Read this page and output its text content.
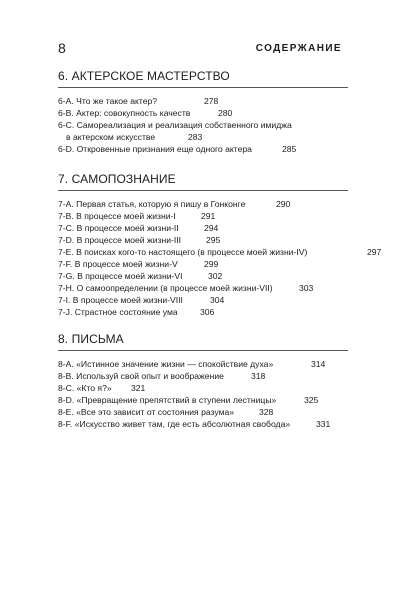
8	СОДЕРЖАНИЕ
6. АКТЕРСКОЕ МАСТЕРСТВО
6-A. Что же такое актер?	278
6-B. Актер: совокупность качеств	280
6-C. Самореализация и реализация собственного имиджа в актерском искусстве	283
6-D. Откровенные признания еще одного актера	285
7. САМОПОЗНАНИЕ
7-A. Первая статья, которую я пишу в Гонконге	290
7-B. В процессе моей жизни-I	291
7-C. В процессе моей жизни-II	294
7-D. В процессе моей жизни-III	295
7-E. В поисках кого-то настоящего (в процессе моей жизни-IV)	297
7-F. В процессе моей жизни-V	299
7-G. В процессе моей жизни-VI	302
7-H. О самоопределении (в процессе моей жизни-VII)	303
7-I. В процессе моей жизни-VIII	304
7-J. Страстное состояние ума	306
8. ПИСЬМА
8-A. «Истинное значение жизни — спокойствие духа»	314
8-B. Используй свой опыт и воображение	318
8-C. «Кто я?» 321
8-D. «Превращение препятствий в ступени лестницы»	325
8-E. «Все это зависит от состояния разума»	328
8-F. «Искусство живет там, где есть абсолютная свобода»	331
